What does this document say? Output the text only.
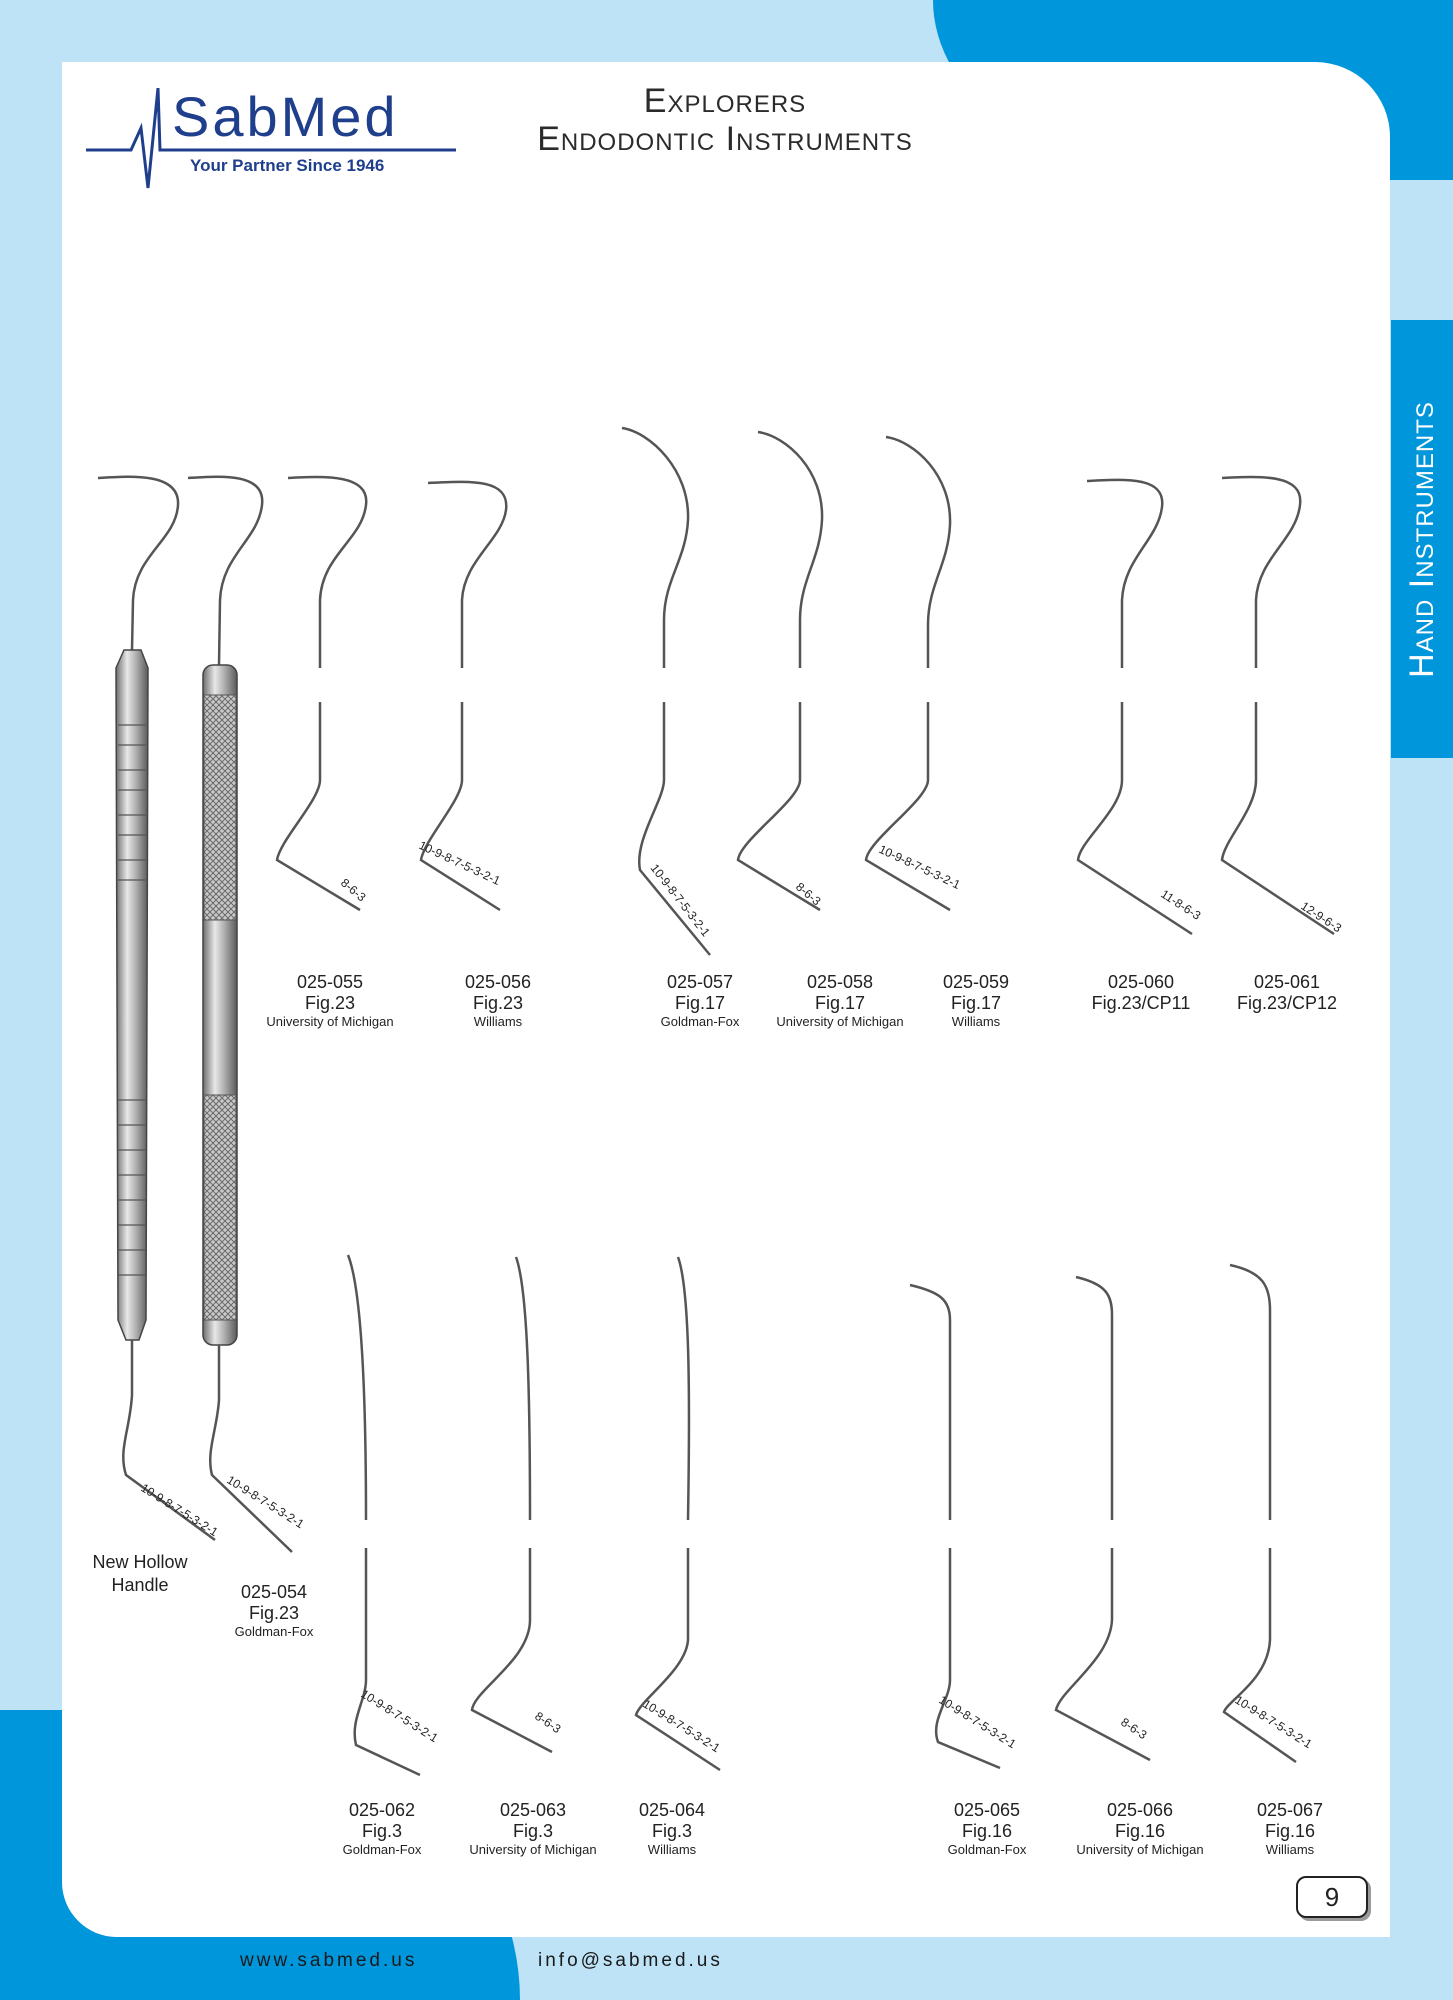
Hand Instruments
SabMed
Your Partner Since 1946
Explorers
Endodontic Instruments
10-9-8-7-5-3-2-1 10-9-8-7-5-3-2-1
8-6-3
10-9-8-7-5-3-2-1	10-9-8-7-5-3-2-1	8-6-3
10-9-8-7-5-3-2-1
11-8-6-3	12-9-6-3
10-9-8-7-5-3-2-1	8-6-3	10-9-8-7-5-3-2-1	10-9-8-7-5-3-2-1	8-6-3	10-9-8-7-5-3-2-1
025-055
Fig.23
University of Michigan
025-056
Fig.23
Williams
025-057
Fig.17
Goldman-Fox
025-058
Fig.17
University of Michigan
025-059
Fig.17
Williams
025-060
Fig.23/CP11
025-061
Fig.23/CP12
New Hollow
Handle	025-054
Fig.23
Goldman-Fox
025-062
Fig.3
Goldman-Fox
025-063
Fig.3
University of Michigan
025-064
Fig.3
Williams
025-065
Fig.16
Goldman-Fox
025-066
Fig.16
University of Michigan
025-067
Fig.16
Williams
9
www.sabmed.us	info@sabmed.us
